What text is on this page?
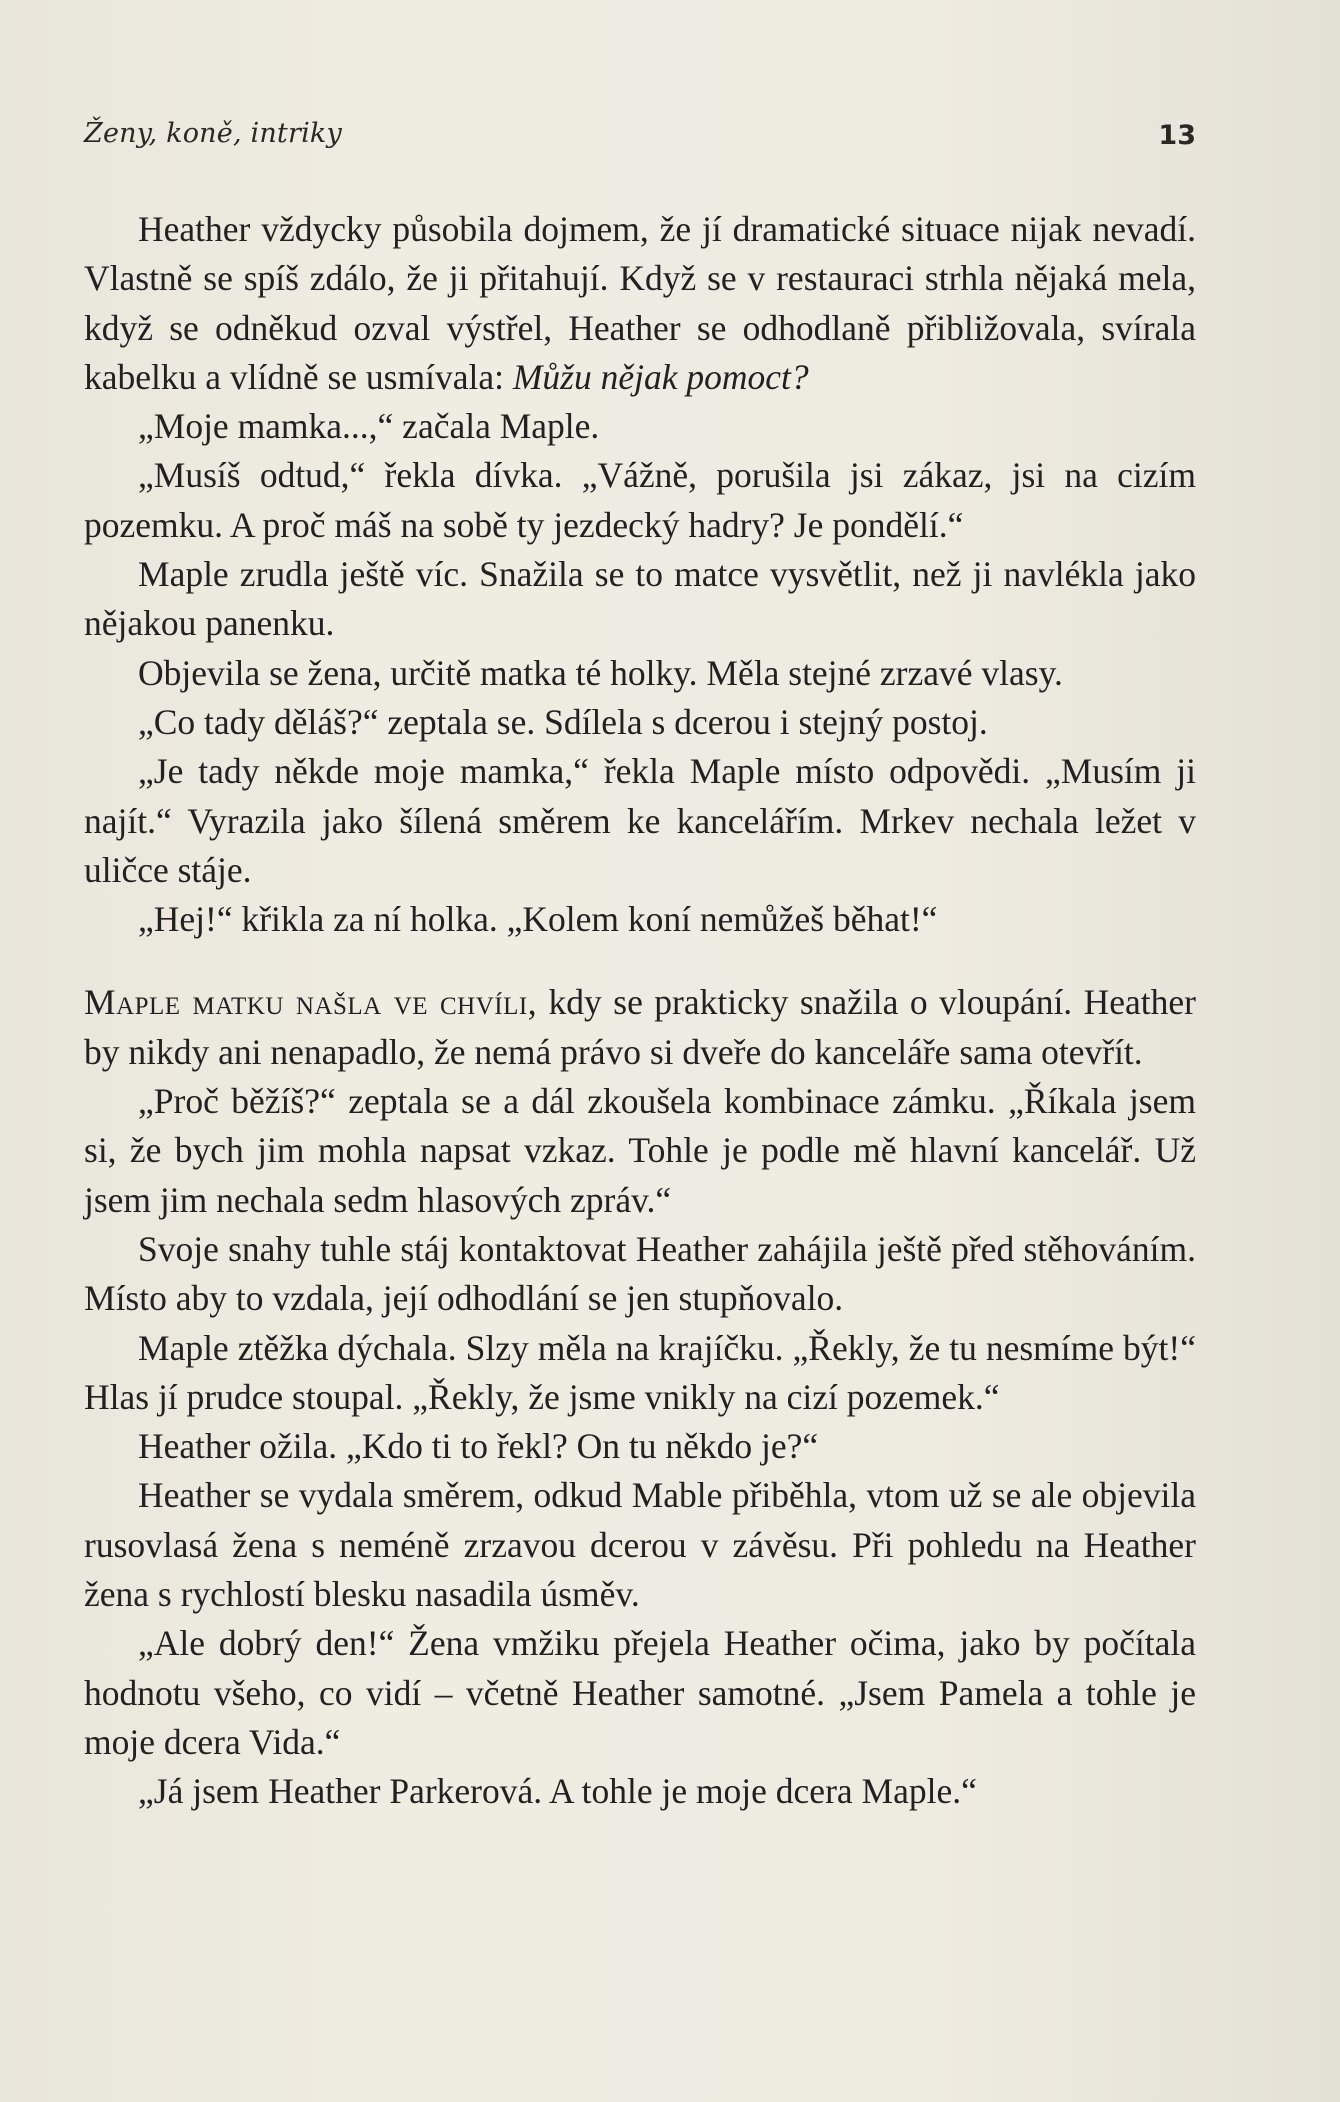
Ženy, koně, intriky	13

Heather vždycky působila dojmem, že jí dramatické situace nijak nevadí. Vlastně se spíš zdálo, že ji přitahují. Když se v restauraci strhla nějaká mela, když se odněkud ozval výstřel, Heather se odhodlaně přibližovala, svírala kabelku a vlídně se usmívala: Můžu nějak pomoct?

„Moje mamka...,“ začala Maple.

„Musíš odtud,“ řekla dívka. „Vážně, porušila jsi zákaz, jsi na cizím pozemku. A proč máš na sobě ty jezdecký hadry? Je pondělí.“

Maple zrudla ještě víc. Snažila se to matce vysvětlit, než ji navlékla jako nějakou panenku.

Objevila se žena, určitě matka té holky. Měla stejné zrzavé vlasy.

„Co tady děláš?“ zeptala se. Sdílela s dcerou i stejný postoj.

„Je tady někde moje mamka,“ řekla Maple místo odpovědi. „Musím ji najít.“ Vyrazila jako šílená směrem ke kancelářím. Mrkev nechala ležet v uličce stáje.

„Hej!“ křikla za ní holka. „Kolem koní nemůžeš běhat!“

Maple matku našla ve chvíli, kdy se prakticky snažila o vloupání. Heather by nikdy ani nenapadlo, že nemá právo si dveře do kanceláře sama otevřít.

„Proč běžíš?“ zeptala se a dál zkoušela kombinace zámku. „Říkala jsem si, že bych jim mohla napsat vzkaz. Tohle je podle mě hlavní kancelář. Už jsem jim nechala sedm hlasových zpráv.“

Svoje snahy tuhle stáj kontaktovat Heather zahájila ještě před stěhováním. Místo aby to vzdala, její odhodlání se jen stupňovalo.

Maple ztěžka dýchala. Slzy měla na krajíčku. „Řekly, že tu nesmíme být!“ Hlas jí prudce stoupal. „Řekly, že jsme vnikly na cizí pozemek.“

Heather ožila. „Kdo ti to řekl? On tu někdo je?“

Heather se vydala směrem, odkud Mable přiběhla, vtom už se ale objevila rusovlasá žena s neméně zrzavou dcerou v závěsu. Při pohledu na Heather žena s rychlostí blesku nasadila úsměv.

„Ale dobrý den!“ Žena vmžiku přejela Heather očima, jako by počítala hodnotu všeho, co vidí – včetně Heather samotné. „Jsem Pamela a tohle je moje dcera Vida.“

„Já jsem Heather Parkerová. A tohle je moje dcera Maple.“
